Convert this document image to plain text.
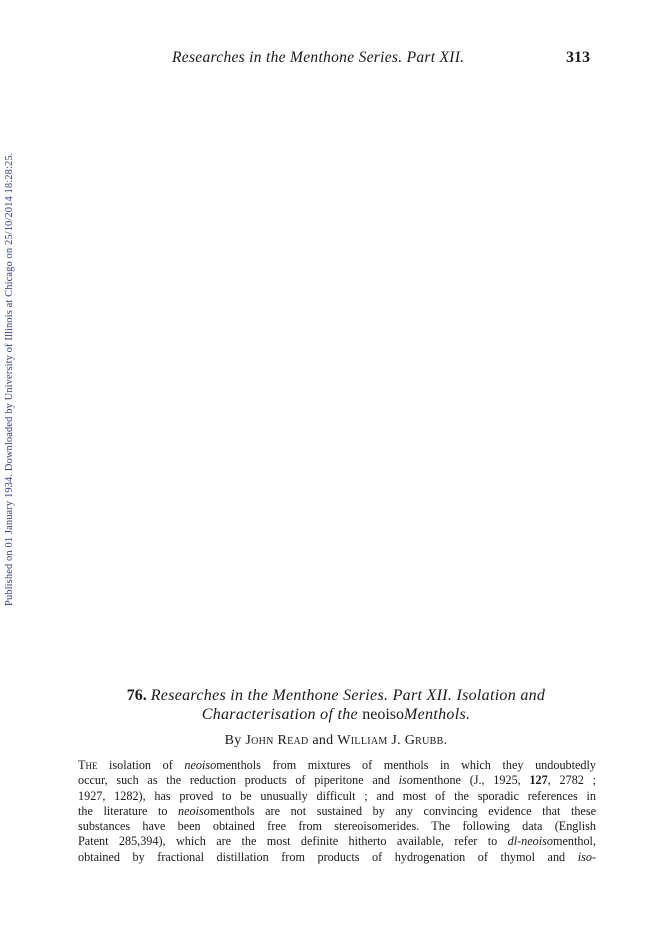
Researches in the Menthone Series. Part XII.	313
Published on 01 January 1934. Downloaded by University of Illinois at Chicago on 25/10/2014 18:28:25.
76. Researches in the Menthone Series. Part XII. Isolation and
Characterisation of the neoisoMenthols.
By John Read and William J. Grubb.
The isolation of neoisomenthols from mixtures of menthols in which they undoubtedly
occur, such as the reduction products of piperitone and isomenthone (J., 1925, 127, 2782 ;
1927, 1282), has proved to be unusually difficult ; and most of the sporadic references in
the literature to neoisomenthols are not sustained by any convincing evidence that these
substances have been obtained free from stereoisomerides. The following data (English
Patent 285,394), which are the most definite hitherto available, refer to dl-neoisomenthol,
obtained by fractional distillation from products of hydrogenation of thymol and iso-
